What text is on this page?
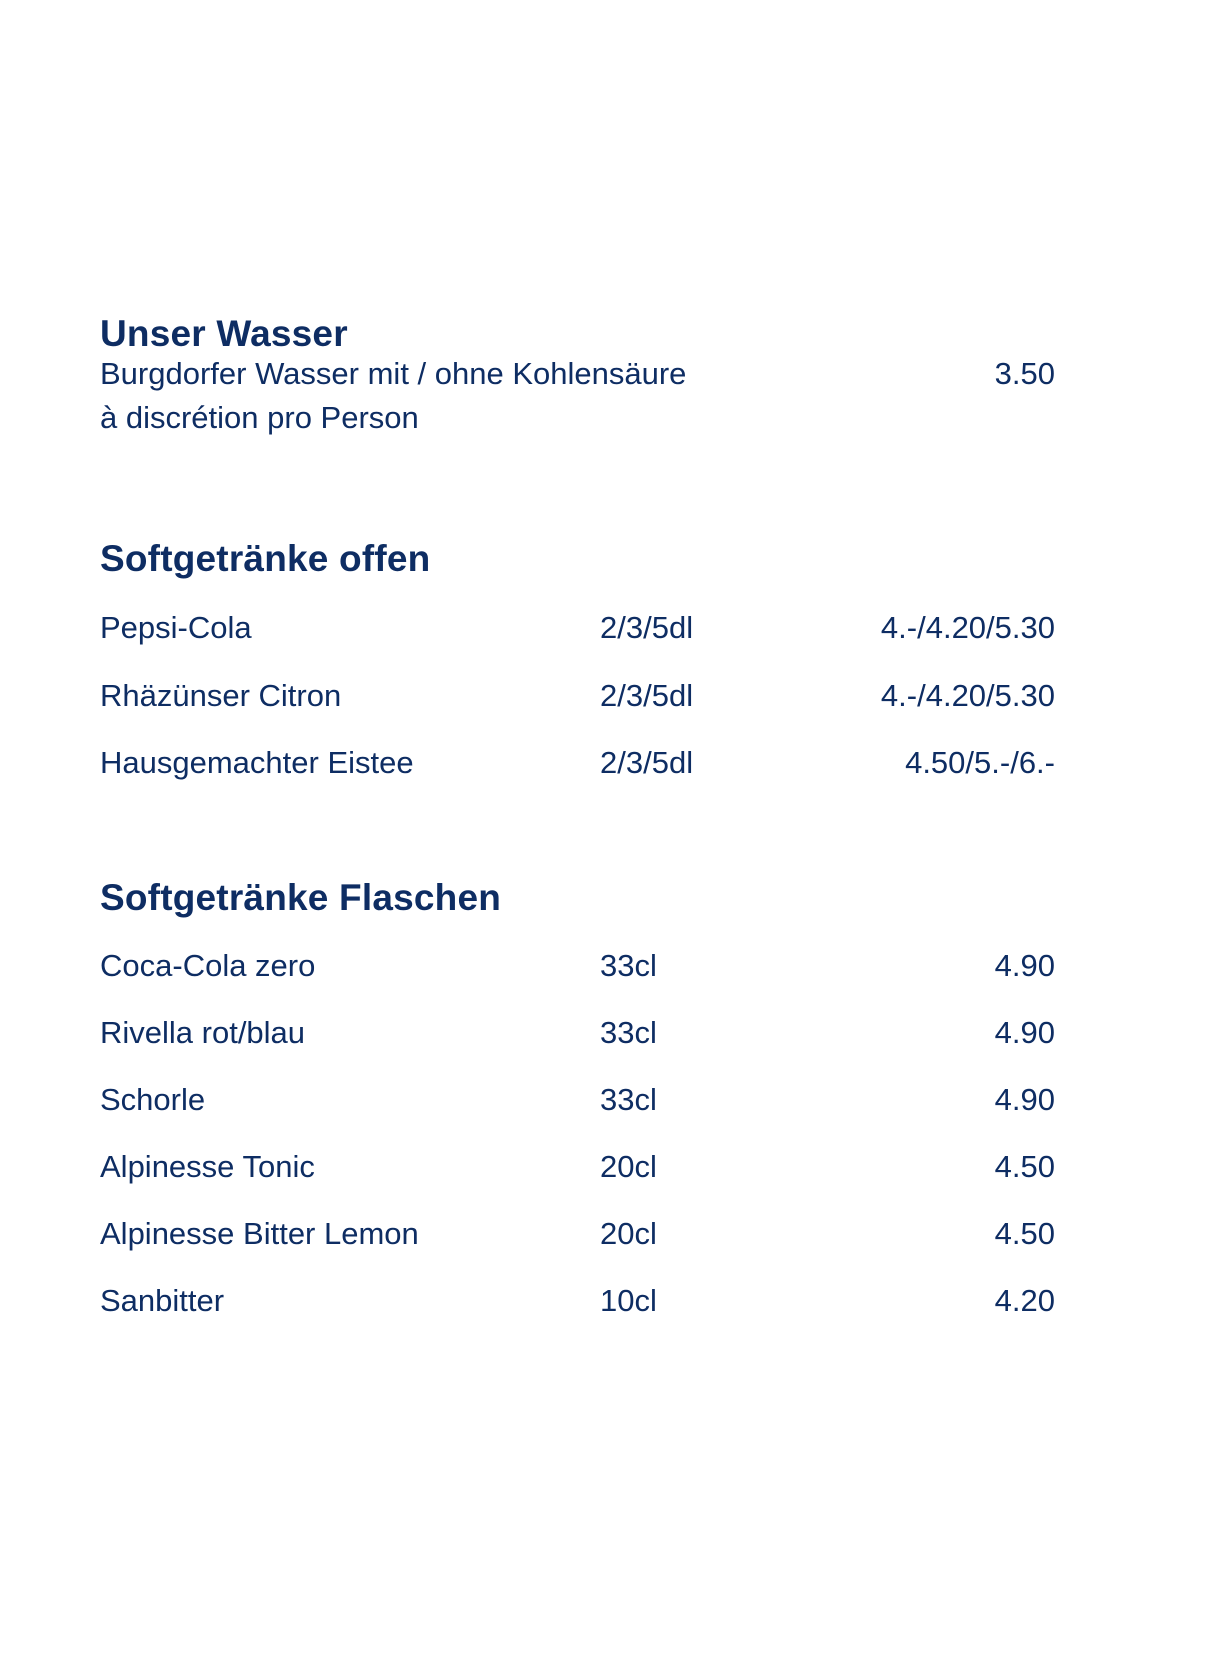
Unser Wasser
Burgdorfer Wasser mit / ohne Kohlensäure	3.50
à discrétion pro Person
Softgetränke offen
Pepsi-Cola	2/3/5dl	4.-/4.20/5.30
Rhäzünser Citron	2/3/5dl	4.-/4.20/5.30
Hausgemachter Eistee	2/3/5dl	4.50/5.-/6.-
Softgetränke Flaschen
Coca-Cola zero	33cl	4.90
Rivella rot/blau	33cl	4.90
Schorle	33cl	4.90
Alpinesse Tonic	20cl	4.50
Alpinesse Bitter Lemon	20cl	4.50
Sanbitter	10cl	4.20
